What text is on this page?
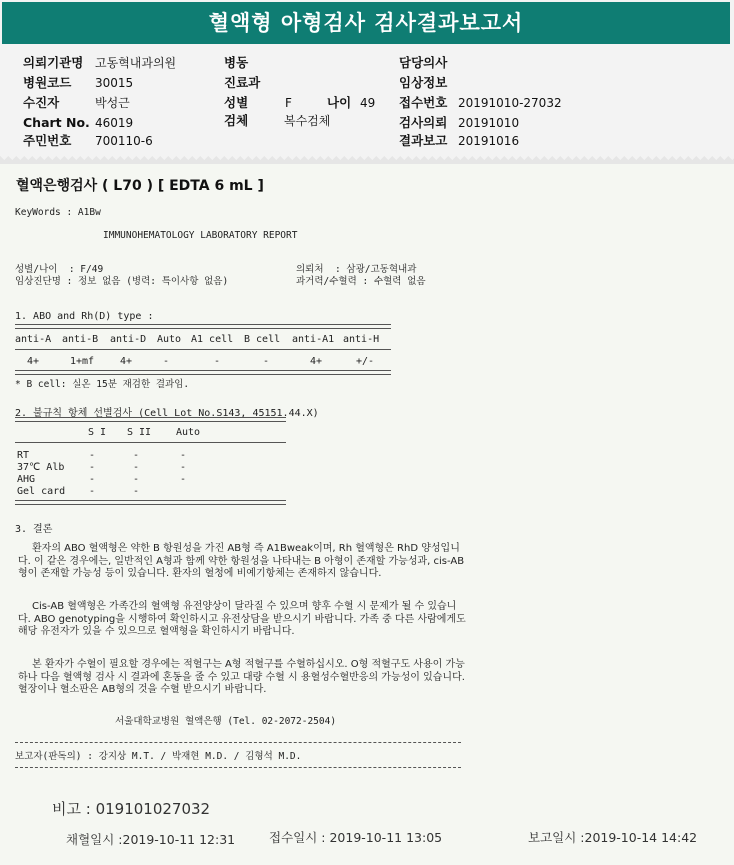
혈액형 아형검사 검사결과보고서
의뢰기관명 고동혁내과의원
병원코드 30015
수진자	박성근
Chart No. 46019
주민번호 700110-6
병동
진료과
성별	F	나이 49
검체	복수검체
담당의사
임상정보
접수번호 20191010-27032
검사의뢰 20191010
결과보고 20191016
혈액은행검사 ( L70 ) [ EDTA 6 mL ]
KeyWords : A1Bw
IMMUNOHEMATOLOGY LABORATORY REPORT
성별/나이  : F/49	의뢰처  : 삼광/고동혁내과
임상진단명 : 정보 없음 (병력: 특이사항 없음)	과거력/수혈력 : 수혈력 없음
1. ABO and Rh(D) type :
anti-A anti-B anti-D Auto A1 cell B cell anti-A1 anti-H
4+	1+mf	4+	-	-	-	4+	+/-
* B cell: 실온 15분 재검한 결과임.
2. 불규칙 항체 선별검사 (Cell Lot No.S143, 45151.44.X)
S I S II Auto
RT	-	-	-
37℃ Alb -	-	-
AHG	-	-	-
Gel card -	-
3. 결론
환자의 ABO 혈액형은 약한 B 항원성을 가진 AB형 즉 A1Bweak이며, Rh 혈액형은 RhD 양성입니다. 이 같은 경우에는, 일반적인 A형과 함께 약한 항원성을 나타내는 B 아형이 존재할 가능성과, cis-AB형이 존재할 가능성 등이 있습니다. 환자의 혈청에 비예기항체는 존재하지 않습니다.
Cis-AB 혈액형은 가족간의 혈액형 유전양상이 달라질 수 있으며 향후 수혈 시 문제가 될 수 있습니다. ABO genotyping을 시행하여 확인하시고 유전상담을 받으시기 바랍니다. 가족 중 다른 사람에게도 해당 유전자가 있을 수 있으므로 혈액형을 확인하시기 바랍니다.
본 환자가 수혈이 필요할 경우에는 적혈구는 A형 적혈구를 수혈하십시오. O형 적혈구도 사용이 가능하나 다음 혈액형 검사 시 결과에 혼동을 줄 수 있고 대량 수혈 시 용혈성수혈반응의 가능성이 있습니다. 혈장이나 혈소판은 AB형의 것을 수혈 받으시기 바랍니다.
서울대학교병원 혈액은행 (Tel. 02-2072-2504)
보고자(판독의) : 강지상 M.T. / 박재현 M.D. / 김형석 M.D.
비고 : 019101027032
채혈일시 :2019-10-11 12:31	접수일시 : 2019-10-11 13:05	보고일시 :2019-10-14 14:42
